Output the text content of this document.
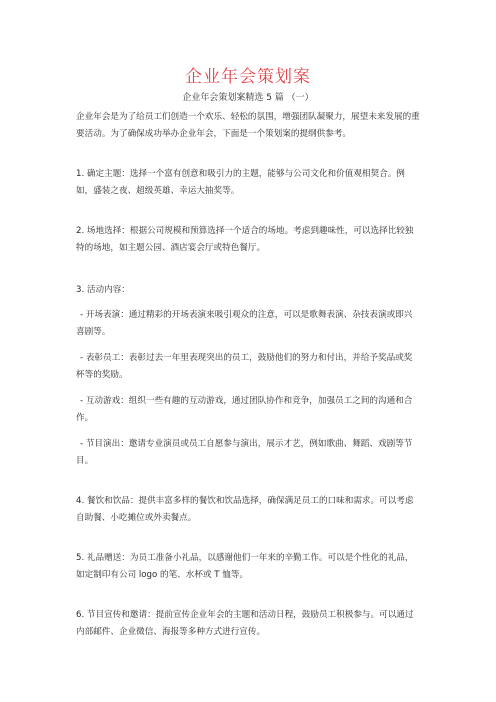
企业年会策划案

企业年会策划案精选 5 篇 （一）

企业年会是为了给员工们创造一个欢乐、轻松的氛围，增强团队凝聚力，展望未来发展的重要活动。为了确保成功举办企业年会，下面是一个策划案的提纲供参考。

1. 确定主题：选择一个富有创意和吸引力的主题，能够与公司文化和价值观相契合。例如，盛装之夜、超级英雄、幸运大抽奖等。

2. 场地选择：根据公司规模和预算选择一个适合的场地。考虑到趣味性，可以选择比较独特的场地，如主题公园、酒店宴会厅或特色餐厅。

3. 活动内容：

- 开场表演：通过精彩的开场表演来吸引观众的注意，可以是歌舞表演、杂技表演或即兴喜剧等。

- 表彰员工：表彰过去一年里表现突出的员工，鼓励他们的努力和付出，并给予奖品或奖杯等的奖励。

- 互动游戏：组织一些有趣的互动游戏，通过团队协作和竞争，加强员工之间的沟通和合作。

- 节目演出：邀请专业演员或员工自愿参与演出，展示才艺，例如歌曲、舞蹈、戏剧等节目。

4. 餐饮和饮品：提供丰富多样的餐饮和饮品选择，确保满足员工的口味和需求。可以考虑自助餐、小吃摊位或外卖餐点。

5. 礼品赠送：为员工准备小礼品，以感谢他们一年来的辛勤工作。可以是个性化的礼品，如定制印有公司 logo 的笔、水杯或 T 恤等。

6. 节目宣传和邀请：提前宣传企业年会的主题和活动日程，鼓励员工积极参与。可以通过内部邮件、企业微信、海报等多种方式进行宣传。
